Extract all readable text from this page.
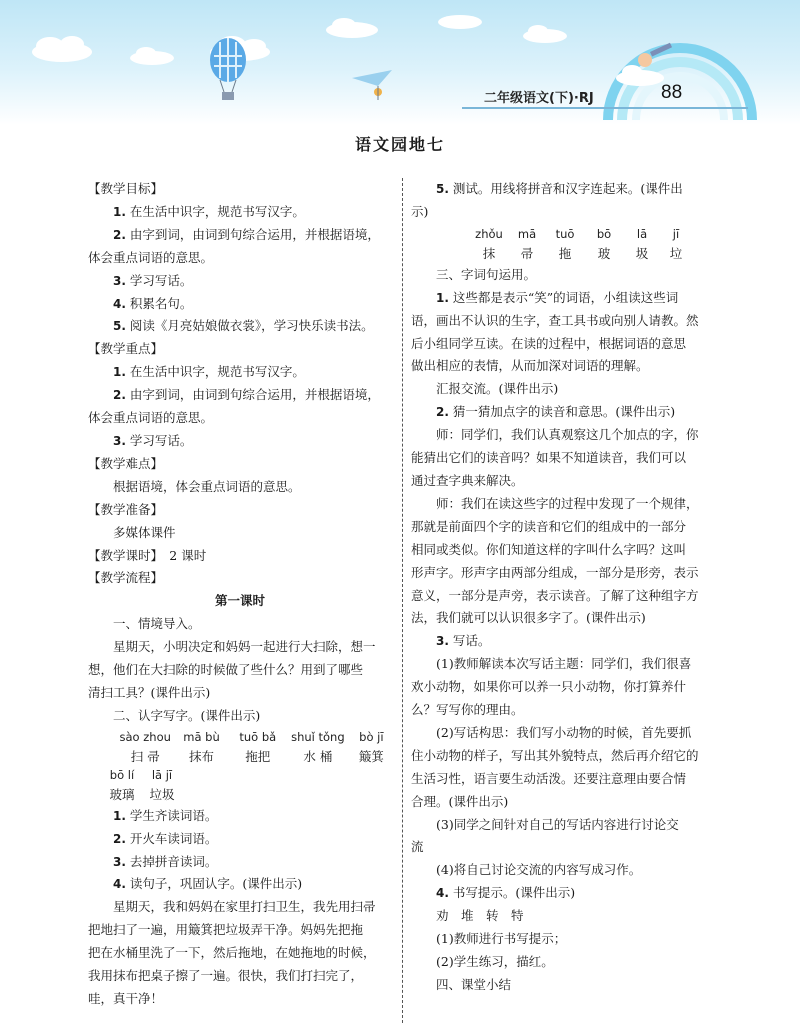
二年级语文(下)·RJ	88
语文园地七

【教学目标】

1. 在生活中识字，规范书写汉字。

2. 由字到词，由词到句综合运用，并根据语境，

体会重点词语的意思。

3. 学习写话。

4. 积累名句。

5. 阅读《月亮姑娘做衣裳》，学习快乐读书法。

【教学重点】

1. 在生活中识字，规范书写汉字。

2. 由字到词，由词到句综合运用，并根据语境，

体会重点词语的意思。

3. 学习写话。

【教学难点】

根据语境，体会重点词语的意思。

【教学准备】

多媒体课件

【教学课时】　 2 课时

【教学流程】

第一课时

一、情境导入。

星期天，小明决定和妈妈一起进行大扫除，想一

想，他们在大扫除的时候做了些什么？用到了哪些

清扫工具？(课件出示)

二、认字写字。(课件出示)

sào zhou
扫 帚
mā bù
抹布
tuō bǎ
拖把
shuǐ tǒng
水 桶
bò jī
簸箕
bō lí
玻璃
lā jī
垃圾

1. 学生齐读词语。

2. 开火车读词语。

3. 去掉拼音读词。

4. 读句子，巩固认字。(课件出示)

星期天，我和妈妈在家里打扫卫生，我先用扫帚

把地扫了一遍，用簸箕把垃圾弄干净。妈妈先把拖

把在水桶里洗了一下，然后拖地，在她拖地的时候，

我用抹布把桌子擦了一遍。很快，我们打扫完了，

哇，真干净！

5. 测试。用线将拼音和汉字连起来。(课件出

示)

zhǒu
抹
mā
帚
tuō
拖
bō
玻
lā
圾
jī
垃

三、字词句运用。

1. 这些都是表示“笑”的词语，小组读这些词

语，画出不认识的生字，查工具书或向别人请教。然

后小组同学互读。在读的过程中，根据词语的意思

做出相应的表情，从而加深对词语的理解。

汇报交流。(课件出示)

2. 猜一猜加点字的读音和意思。(课件出示)

师：同学们，我们认真观察这几个加点的字，你

能猜出它们的读音吗？如果不知道读音，我们可以

通过查字典来解决。

师：我们在读这些字的过程中发现了一个规律，

那就是前面四个字的读音和它们的组成中的一部分

相同或类似。你们知道这样的字叫什么字吗？这叫

形声字。形声字由两部分组成，一部分是形旁，表示

意义，一部分是声旁，表示读音。了解了这种组字方

法，我们就可以认识很多字了。(课件出示)

3. 写话。

(1)教师解读本次写话主题：同学们，我们很喜

欢小动物，如果你可以养一只小动物，你打算养什

么？写写你的理由。

(2)写话构思：我们写小动物的时候，首先要抓

住小动物的样子，写出其外貌特点，然后再介绍它的

生活习性，语言要生动活泼。还要注意理由要合情

合理。(课件出示)

(3)同学之间针对自己的写话内容进行讨论交

流

(4)将自己讨论交流的内容写成习作。

4. 书写提示。(课件出示)

劝　堆　转　特

(1)教师进行书写提示；

(2)学生练习，描红。

四、课堂小结
